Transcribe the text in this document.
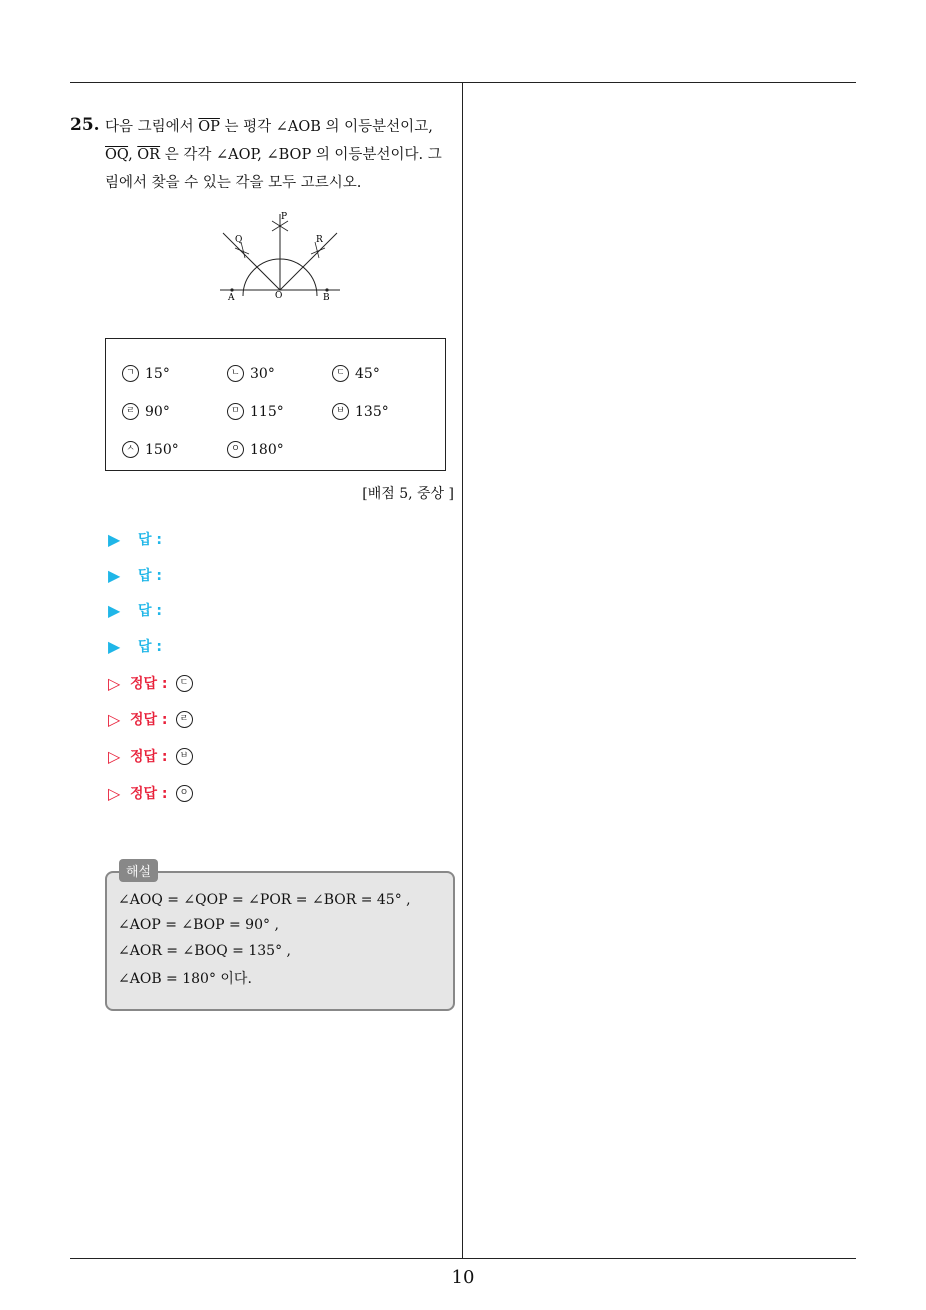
25. 다음 그림에서 $\overline{OP}$ 는 평각 ∠AOB 의 이등분선이고,
$\overline{OQ}$, $\overline{OR}$ 은 각각 ∠AOP, ∠BOP 의 이등분선이다. 그
림에서 찾을 수 있는 각을 모두 고르시오.
P
Q	R
A	O	B
ㄱ 15°	ㄴ 30°	ㄷ 45°
ㄹ 90°	ㅁ 115°	ㅂ 135°
ㅅ 150°	ㅇ 180°
[배점 5, 중상 ]
▶	답 :
▶	답 :
▶	답 :
▶	답 :
▷ 정답 :	ㄷ
▷ 정답 :	ㄹ
▷ 정답 :	ㅂ
▷ 정답 :	ㅇ
해설
∠AOQ = ∠QOP = ∠POR = ∠BOR = 45° ,
∠AOP = ∠BOP = 90° ,
∠AOR = ∠BOQ = 135° ,
∠AOB = 180° 이다.
10
